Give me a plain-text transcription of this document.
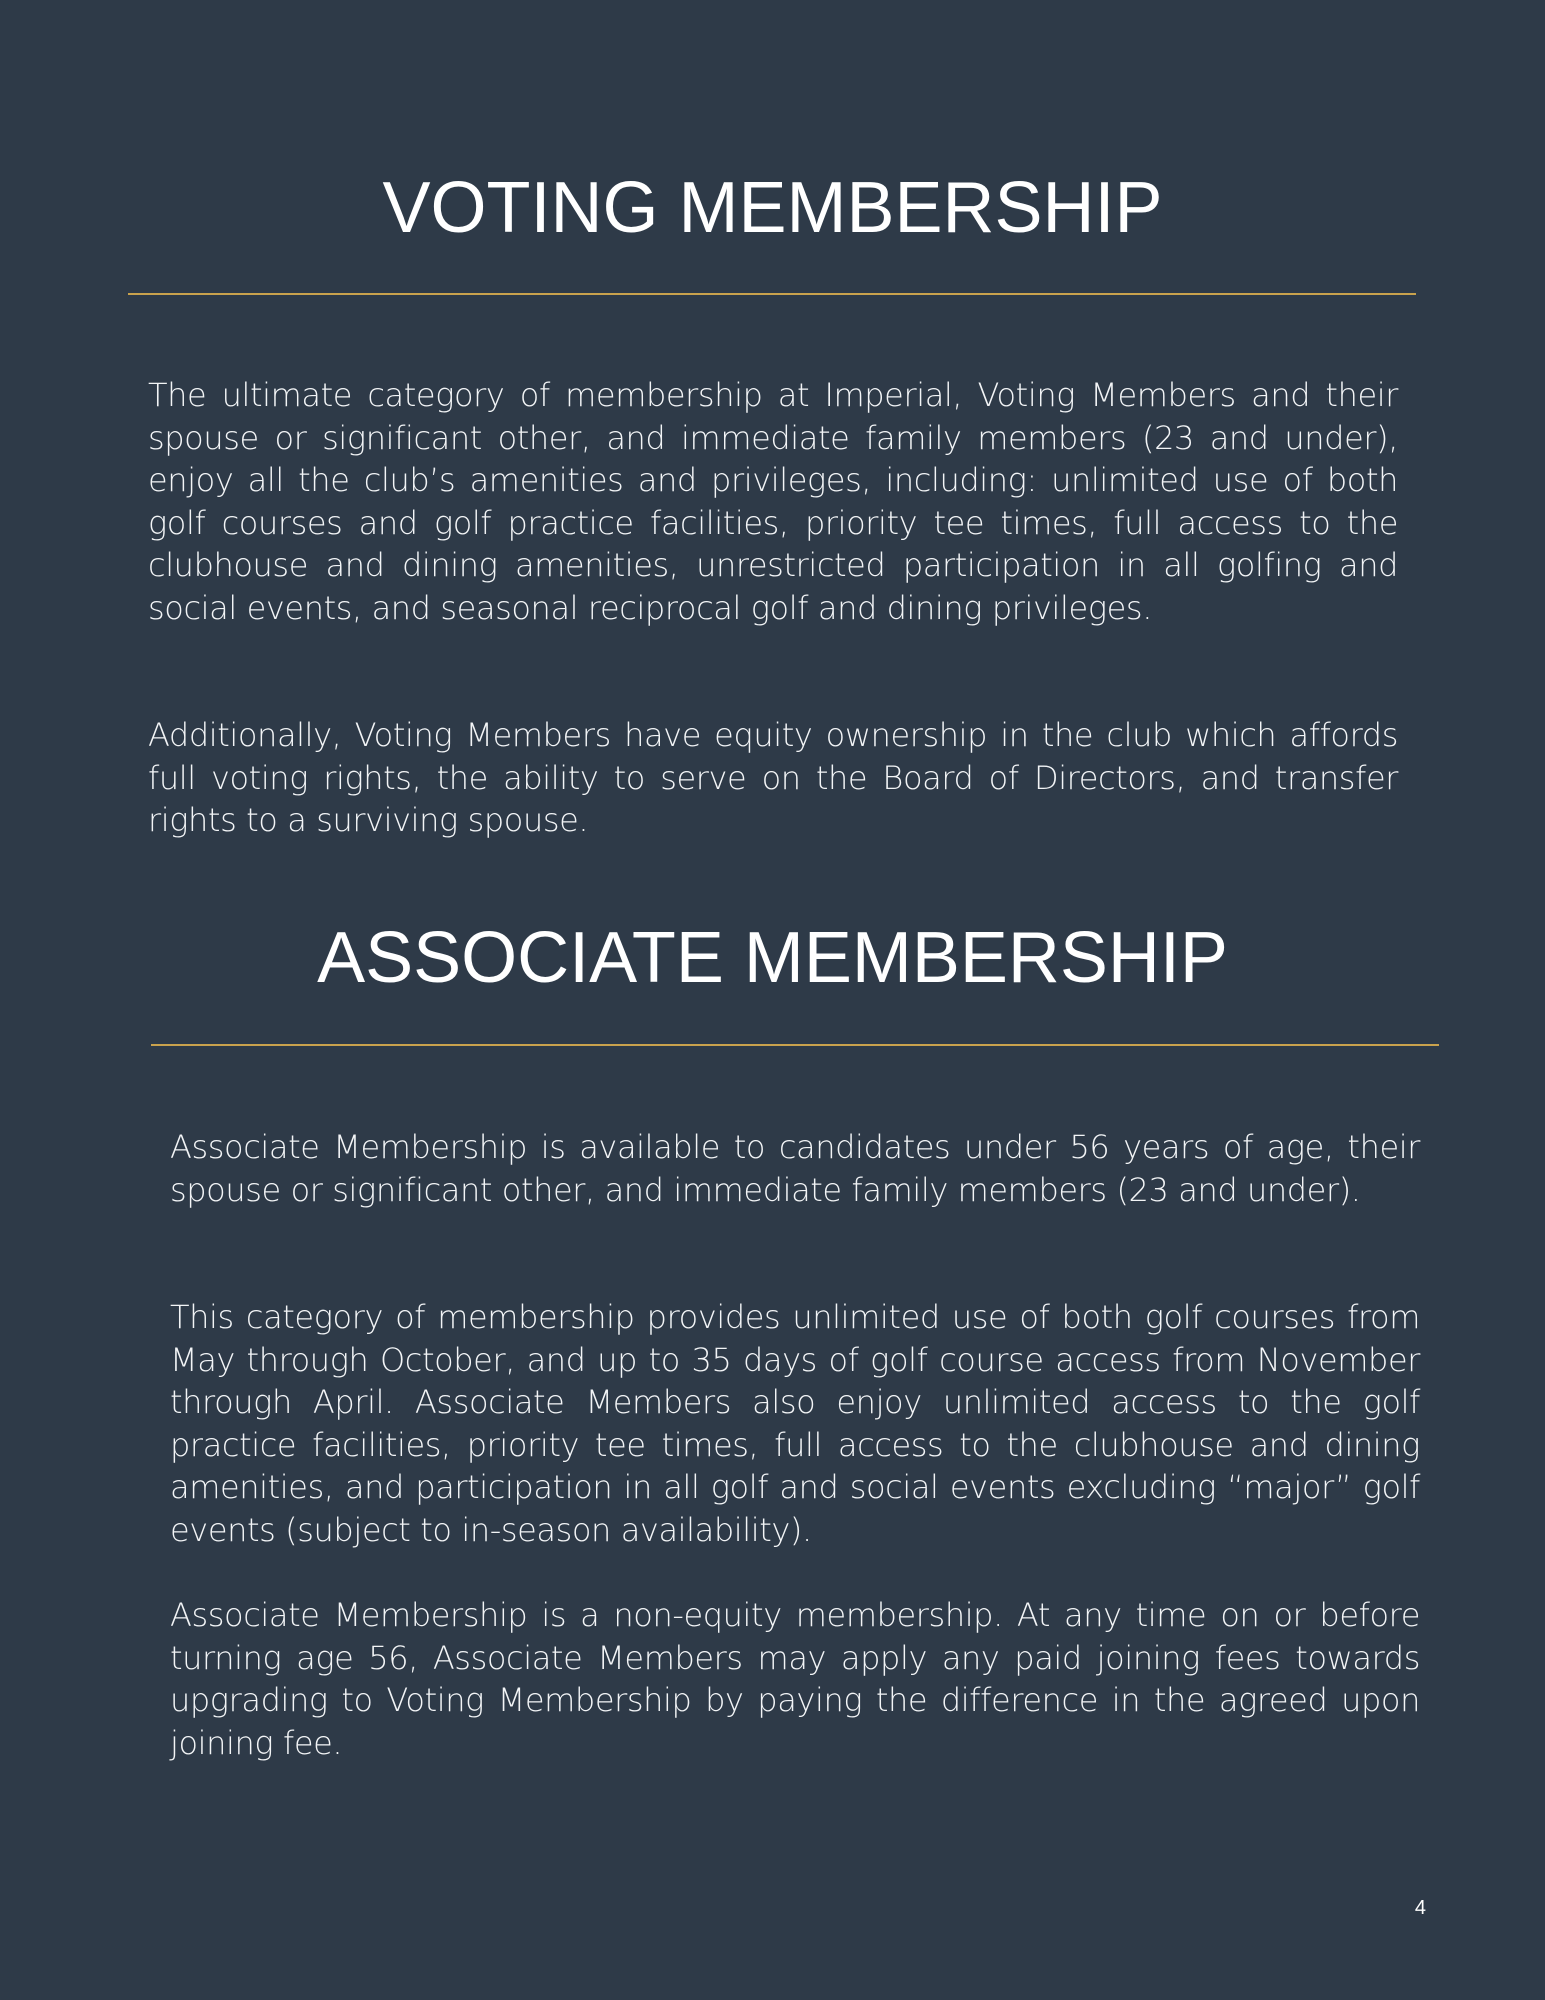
VOTING MEMBERSHIP

The ultimate category of membership at Imperial, Voting Members and their spouse or significant other, and immediate family members (23 and under), enjoy all the club’s amenities and privileges, including: unlimited use of both golf courses and golf practice facilities, priority tee times, full access to the clubhouse and dining amenities, unrestricted participation in all golfing and social events, and seasonal reciprocal golf and dining privileges.

Additionally, Voting Members have equity ownership in the club which affords full voting rights, the ability to serve on the Board of Directors, and transfer rights to a surviving spouse.

ASSOCIATE MEMBERSHIP

Associate Membership is available to candidates under 56 years of age, their spouse or significant other, and immediate family members (23 and under).

This category of membership provides unlimited use of both golf courses from May through October, and up to 35 days of golf course access from November through April. Associate Members also enjoy unlimited access to the golf practice facilities, priority tee times, full access to the clubhouse and dining amenities, and participation in all golf and social events excluding “major” golf events (subject to in-season availability).

Associate Membership is a non-equity membership. At any time on or before turning age 56, Associate Members may apply any paid joining fees towards upgrading to Voting Membership by paying the difference in the agreed upon joining fee.

4
